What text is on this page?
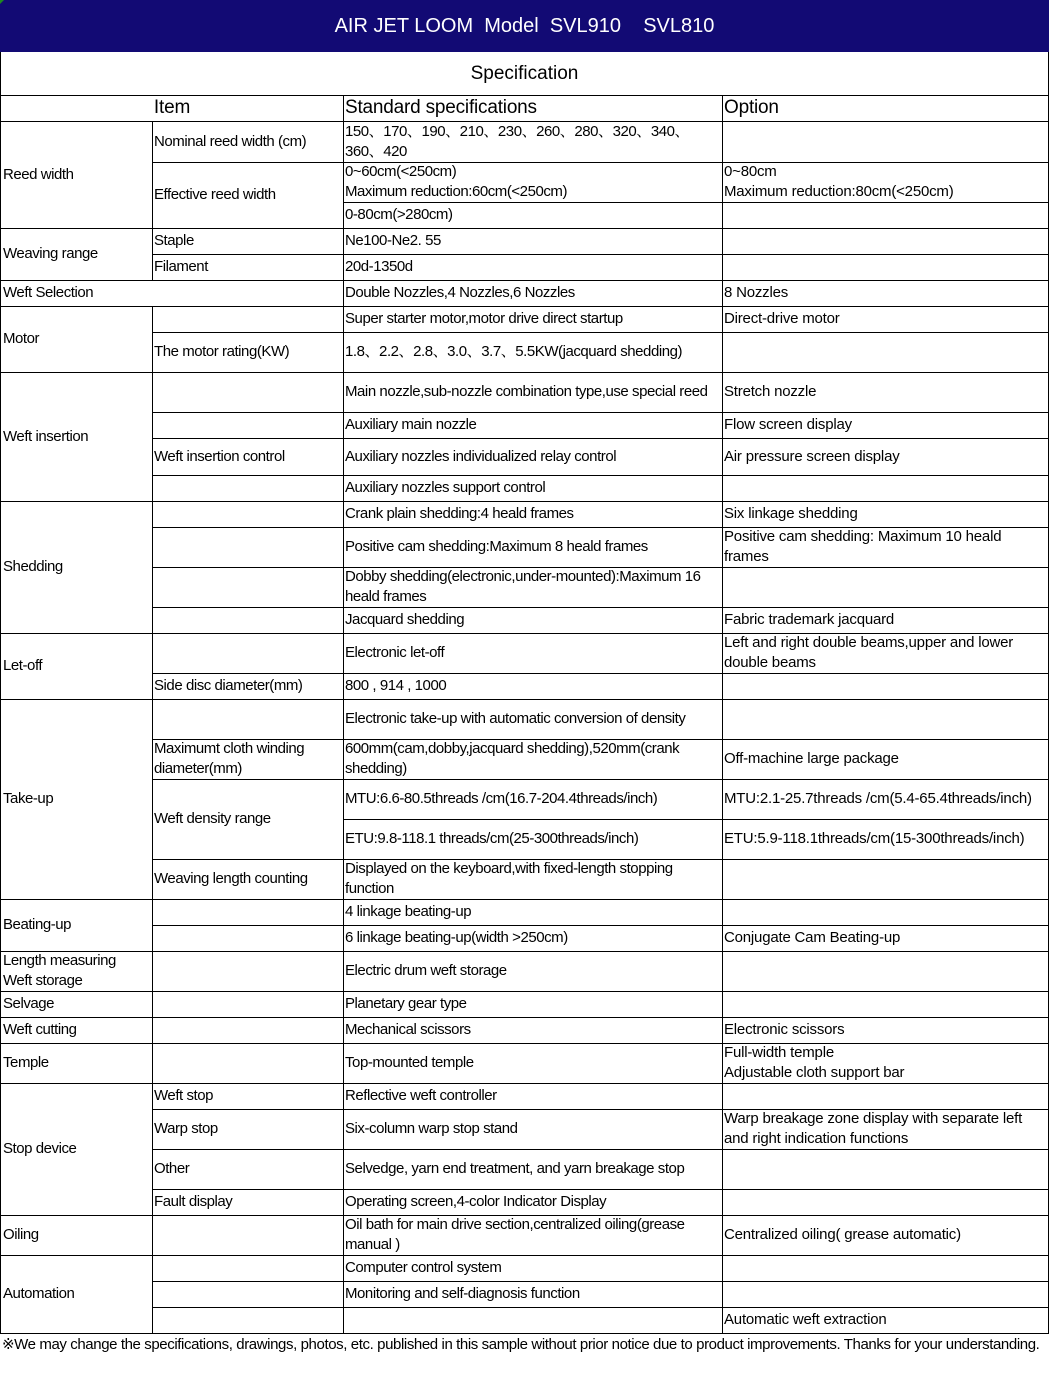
AIR JET LOOM  Model  SVL910    SVL810
Specification
Item	Standard specifications	Option
Reed width
Weaving range
Weft Selection
Motor
Weft insertion
Shedding
Let-off
Take-up
Beating-up
Length measuring
Weft storage
Selvage
Weft cutting
Temple
Stop device
Oiling
Automation
Nominal reed width (cm)
Effective reed width
Staple
Filament
The motor rating(KW)
Weft insertion control
Side disc diameter(mm)
Maximumt cloth winding diameter(mm)
Weft density range
Weaving length counting
Weft stop
Warp stop
Other
Fault display
150、170、190、210、230、260、280、320、340、360、420
0~60cm(<250cm)
Maximum reduction:60cm(<250cm)
0-80cm(>280cm)
Ne100-Ne2. 55
20d-1350d
Double Nozzles,4 Nozzles,6 Nozzles
Super starter motor,motor drive direct startup
1.8、2.2、2.8、3.0、3.7、5.5KW(jacquard shedding)
Main nozzle,sub-nozzle combination type,use special reed
Auxiliary main nozzle
Auxiliary nozzles individualized relay control
Auxiliary nozzles support control
Crank plain shedding:4 heald frames
Positive cam shedding:Maximum 8 heald frames
Dobby shedding(electronic,under-mounted):Maximum 16 heald frames
Jacquard shedding
Electronic let-off
800 , 914 , 1000
Electronic take-up with automatic conversion of density
600mm(cam,dobby,jacquard shedding),520mm(crank shedding)
MTU:6.6-80.5threads /cm(16.7-204.4threads/inch)
ETU:9.8-118.1 threads/cm(25-300threads/inch)
Displayed on the keyboard,with fixed-length stopping function
4 linkage beating-up
6 linkage beating-up(width >250cm)
Electric drum weft storage
Planetary gear type
Mechanical scissors
Top-mounted temple
Reflective weft controller
Six-column warp stop stand
Selvedge, yarn end treatment, and yarn breakage stop
Operating screen,4-color Indicator Display
Oil bath for main drive section,centralized oiling(grease manual )
Computer control system
Monitoring and self-diagnosis function
0~80cm
Maximum reduction:80cm(<250cm)
8 Nozzles
Direct-drive motor
Stretch nozzle
Flow screen display
Air pressure screen display
Six linkage shedding
Positive cam shedding: Maximum 10 heald frames
Fabric trademark jacquard
Left and right double beams,upper and lower double beams
Off-machine large package
MTU:2.1-25.7threads /cm(5.4-65.4threads/inch)
ETU:5.9-118.1threads/cm(15-300threads/inch)
Conjugate Cam Beating-up
Electronic scissors
Full-width temple
Adjustable cloth support bar
Warp breakage zone display with separate left and right indication functions
Centralized oiling( grease automatic)
Automatic weft extraction
※We may change the specifications, drawings, photos, etc. published in this sample without prior notice due to product improvements. Thanks for your understanding.
